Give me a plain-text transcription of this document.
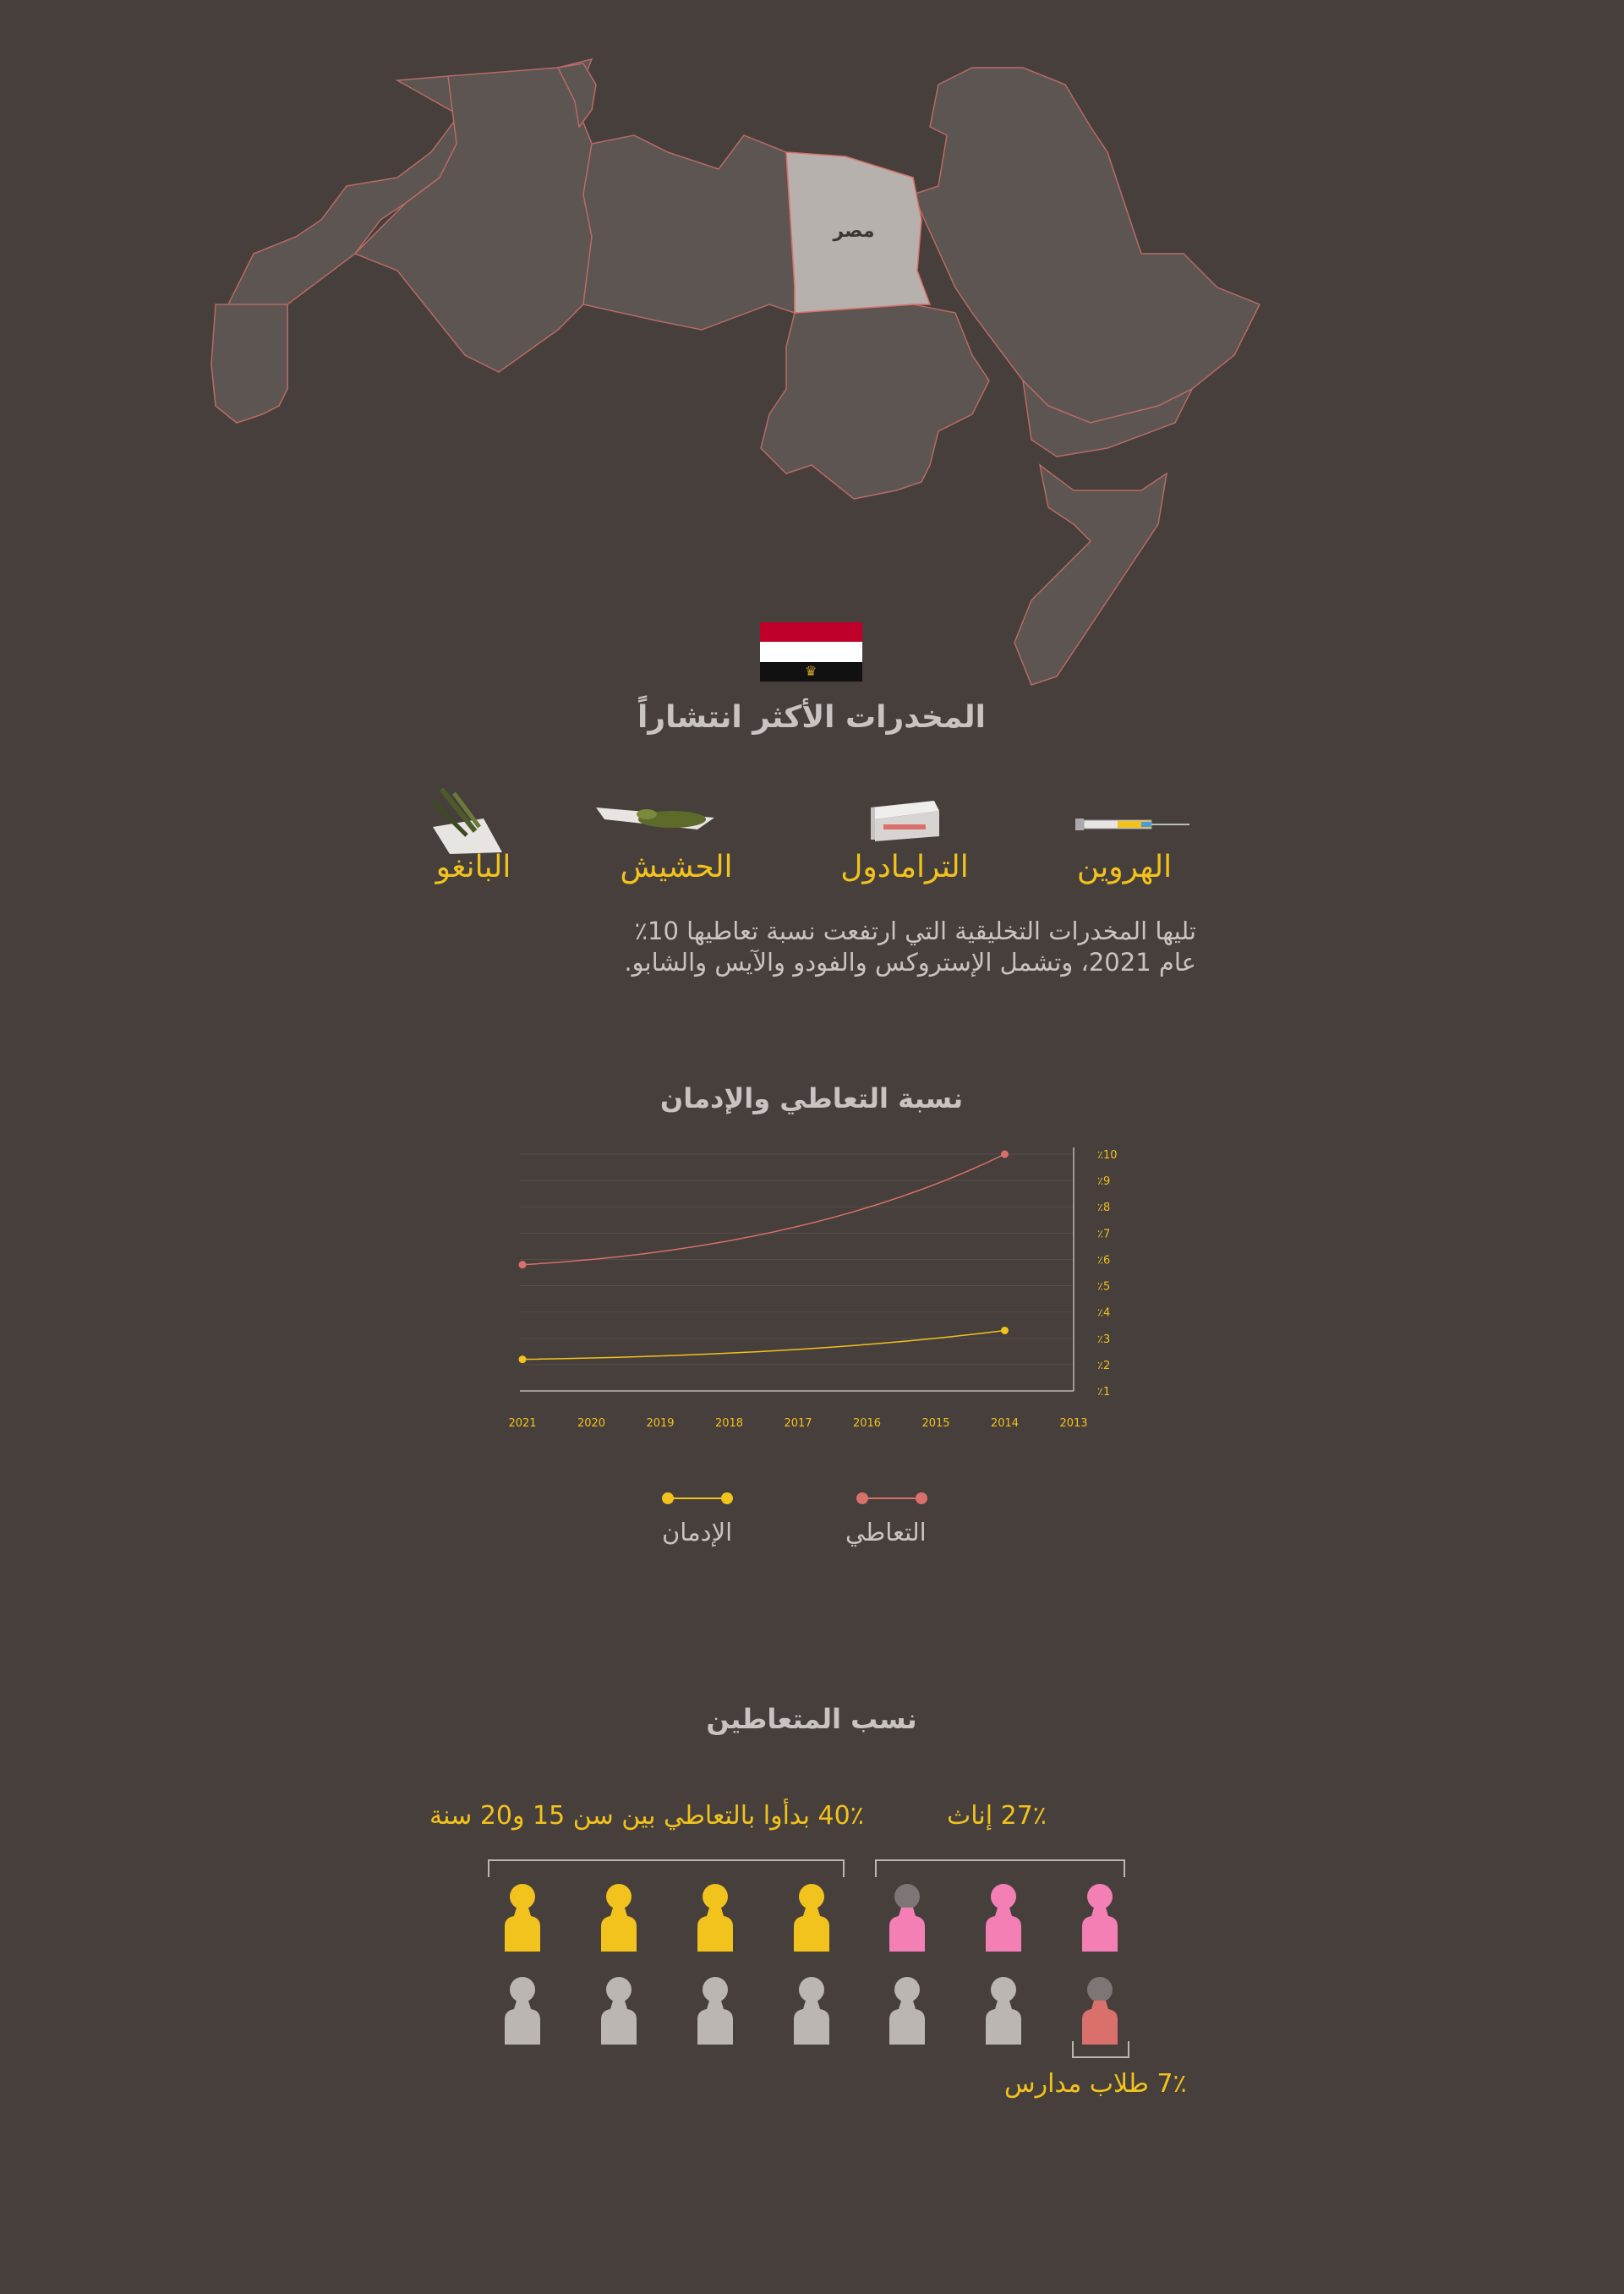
مصر
♛
المخدرات الأكثر انتشاراً
الهروين
الترامادول
الحشيش
البانغو
تليها المخدرات التخليقية التي ارتفعت نسبة تعاطيها 10٪
عام 2021، وتشمل الإستروكس والفودو والآيس والشابو.
نسبة التعاطي والإدمان
٪10
٪9
٪8
٪7
٪6
٪5
٪4
٪3
٪2
٪1
2021	2020	2019	2018	2017	2016	2015	2014	2013
التعاطي
الإدمان
نسب المتعاطين
27٪ إناث
40٪ بدأوا بالتعاطي بين سن 15 و20 سنة
7٪ طلاب مدارس
